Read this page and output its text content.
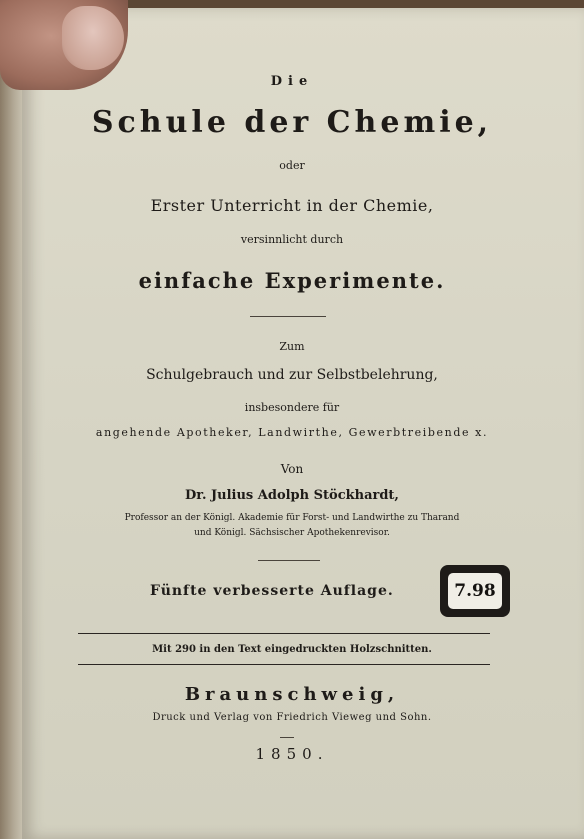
Die
Schule der Chemie,
oder
Erster Unterricht in der Chemie,
versinnlicht durch
einfache Experimente.
Zum
Schulgebrauch und zur Selbstbelehrung,
insbesondere für
angehende Apotheker, Landwirthe, Gewerbtreibende x.
Von
Dr. Julius Adolph Stöckhardt,
Professor an der Königl. Akademie für Forst- und Landwirthe zu Tharand
und Königl. Sächsischer Apothekenrevisor.
Fünfte verbesserte Auflage.	7.98
Mit 290 in den Text eingedruckten Holzschnitten.
Braunschweig,
Druck und Verlag von Friedrich Vieweg und Sohn.
1850.
